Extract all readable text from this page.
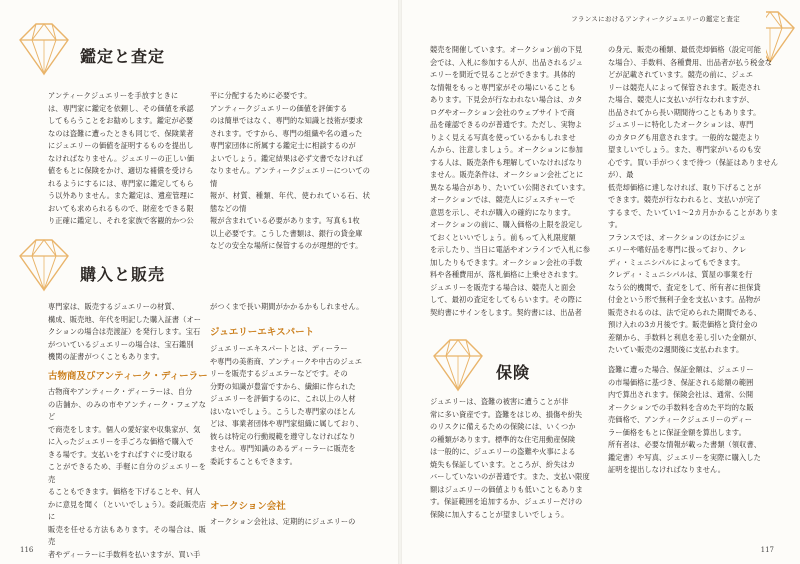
鑑定と査定
アンティークジュエリーを手放すときに
は、専門家に鑑定を依頼し、その価値を承認
してもらうことをお勧めします。鑑定が必要
なのは盗難に遭ったときも同じで、保険業者
にジュエリーの価値を証明するものを提出し
なければなりません。ジュエリーの正しい価
値をもとに保険をかけ、適切な補償を受けら
れるようにするには、専門家に鑑定してもら
う以外ありません。また鑑定は、遺産管理に
おいても求められるもので、財産をできる限
り正確に鑑定し、それを家族で客観的かつ公
平に分配するために必要です。
アンティークジュエリーの価値を評価する
のは簡単ではなく、専門的な知識と技術が要求
されます。ですから、専門の組織や名の通った
専門家団体に所属する鑑定士に相談するのが
よいでしょう。鑑定結果は必ず文書でなければ
なりません。アンティークジュエリーについての情
報が、材質、種類、年代、使われている石、状態などの情
報が含まれている必要があります。写真も1枚
以上必要です。こうした書類は、銀行の貸金庫
などの安全な場所に保管するのが理想的です。
購入と販売
専門家は、販売するジュエリーの材質、
構成、販売地、年代を明記した購入証書（オー
クションの場合は売渡証）を発行します。宝石
がついているジュエリーの場合は、宝石鑑別
機関の証書がつくこともあります。
古物商及びアンティーク・ディーラー
古物商やアンティーク・ディーラーは、自分
の店舗か、のみの市やアンティーク・フェアなど
で商売をします。個人の愛好家や収集家が、気
に入ったジュエリーを手ごろな価格で購入で
きる場です。支払いをすればすぐに受け取る
ことができるため、手軽に自分のジュエリーを売
ることもできます。価格を下げることや、何人
かに意見を聞く（といいでしょう）。委託販売店に
販売を任せる方法もあります。その場合は、販売
者やディーラーに手数料を払いますが、買い手
がつくまで長い期間がかかるかもしれません。
ジュエリーエキスパート
ジュエリーエキスパートとは、ディーラー
や専門の美術商、アンティークや中古のジュエ
リーを販売するジュエラーなどです。その
分野の知識が豊富ですから、繊細に作られた
ジュエリーを評価するのに、これ以上の人材
はいないでしょう。こうした専門家のほとん
どは、事業者団体や専門家組織に属しており、
彼らは特定の行動規範を遵守しなければなり
ません。専門知識のあるディーラーに販売を
委託することもできます。
オークション会社
オークション会社は、定期的にジュエリーの
116
フランスにおけるアンティークジュエリーの鑑定と査定
競売を開催しています。オークション前の下見
会では、入札に参加する人が、出品されるジュ
エリーを間近で見ることができます。具体的
な情報をもっと専門家がその場にいることも
あります。下見会が行なわれない場合は、カタ
ログやオークション会社のウェブサイトで商
品を確認できるのが普通です。ただし、実物よ
りよく見える写真を使っているかもしれませ
んから、注意しましょう。オークションに参加
する人は、販売条件も理解していなければなり
ません。販売条件は、オークション会社ごとに
異なる場合があり、たいてい公開されています。
オークションでは、競売人にジェスチャーで
意思を示し、それが購入の確約になります。
オークションの前に、購入価格の上限を設定し
ておくといいでしょう。前もって入札限度額
を示したり、当日に電話やオンラインで入札に参
加したりもできます。オークション会社の手数
料や各種費用が、落札価格に上乗せされます。
ジュエリーを販売する場合は、競売人と面会
して、最初の査定をしてもらいます。その際に
契約書にサインをします。契約書には、出品者
の身元、販売の種類、最低売却価格（設定可能
な場合）、手数料、各種費用、出品者が払う税金な
どが記載されています。競売の前に、ジュエ
リーは競売人によって保管されます。販売され
た場合、競売人に支払いが行なわれますが、
出品されてから長い期間待つこともあります。
ジュエリーに特化したオークションは、専門
のカタログも用意されます。一般的な競売より
望ましいでしょう。また、専門家がいるのも安
心です。買い手がつくまで待つ（保証はありませんが）、最
低売却価格に達しなければ、取り下げることが
できます。競売が行なわれると、支払いが完了
するまで、たいてい1〜2カ月かかることがあります。
フランスでは、オークションのほかにジュ
エリーや嗜好品を専門に扱っており、クレ
ディ・ミュニシパルによってもできます。
クレディ・ミュニシパルは、質屋の事業を行
なう公的機関で、査定をして、所有者に担保貸
付金という形で無利子金を支払います。品物が
販売されるのは、法で定められた期間である、
預け入れの3カ月後です。販売価格と貸付金の
差額から、手数料と利息を差し引いた金額が、
たいてい販売の2週間後に支払われます。
保険
ジュエリーは、盗難の被害に遭うことが非
常に多い資産です。盗難をはじめ、損傷や紛失
のリスクに備えるための保険には、いくつか
の種類があります。標準的な住宅用動産保険
は一般的に、ジュエリーの盗難や火事による
焼失も保証しています。ところが、紛失はカ
バーしていないのが普通です。また、支払い限度
額はジュエリーの価値よりも低いこともありま
す。保証範囲を追加するか、ジュエリーだけの
保険に加入することが望ましいでしょう。
盗難に遭った場合、保証金額は、ジュエリー
の市場価格に基づき、保証される総額の範囲
内で算出されます。保険会社は、通常、公開
オークションでの手数料を含めた平均的な販
売価格で、アンティークジュエリーのディー
ラー価格をもとに保証金額を算出します。
所有者は、必要な情報が載った書類（領収書、
鑑定書）や写真、ジュエリーを実際に購入した
証明を提出しなければなりません。
117
